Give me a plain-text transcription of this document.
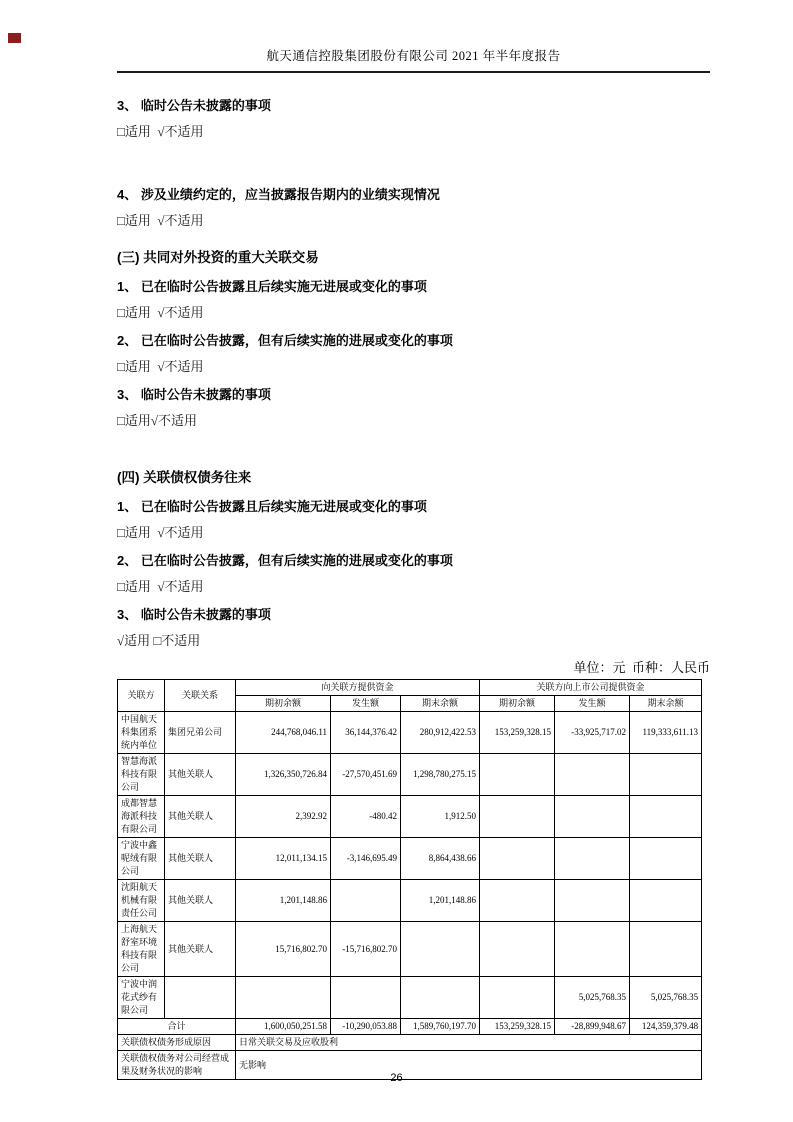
航天通信控股集团股份有限公司 2021 年半年度报告
3、 临时公告未披露的事项
□适用  √不适用
4、 涉及业绩约定的，应当披露报告期内的业绩实现情况
□适用  √不适用
(三) 共同对外投资的重大关联交易
1、 已在临时公告披露且后续实施无进展或变化的事项
□适用  √不适用
2、 已在临时公告披露，但有后续实施的进展或变化的事项
□适用  √不适用
3、 临时公告未披露的事项
□适用√不适用
(四) 关联债权债务往来
1、 已在临时公告披露且后续实施无进展或变化的事项
□适用  √不适用
2、 已在临时公告披露，但有后续实施的进展或变化的事项
□适用  √不适用
3、 临时公告未披露的事项
√适用 □不适用
单位：元  币种：人民币
关联方	关联关系	向关联方提供资金			关联方向上市公司提供资金		
		期初余额	发生额	期末余额	期初余额	发生额	期末余额
中国航天科集团系统内单位	集团兄弟公司	244,768,046.11	36,144,376.42	280,912,422.53	153,259,328.15	-33,925,717.02	119,333,611.13
智慧海派科技有限公司	其他关联人	1,326,350,726.84	-27,570,451.69	1,298,780,275.15			
成都智慧海派科技有限公司	其他关联人	2,392.92	-480.42	1,912.50			
宁波中鑫呢绒有限公司	其他关联人	12,011,134.15	-3,146,695.49	8,864,438.66			
沈阳航天机械有限责任公司	其他关联人	1,201,148.86		1,201,148.86			
上海航天舒室环境科技有限公司	其他关联人	15,716,802.70	-15,716,802.70				
宁波中润花式纱有限公司						5,025,768.35	5,025,768.35
合计		1,600,050,251.58	-10,290,053.88	1,589,760,197.70	153,259,328.15	-28,899,948.67	124,359,379.48
关联债权债务形成原因		日常关联交易及应收股利					
关联债权债务对公司经营成果及财务状况的影响		无影响					
26
